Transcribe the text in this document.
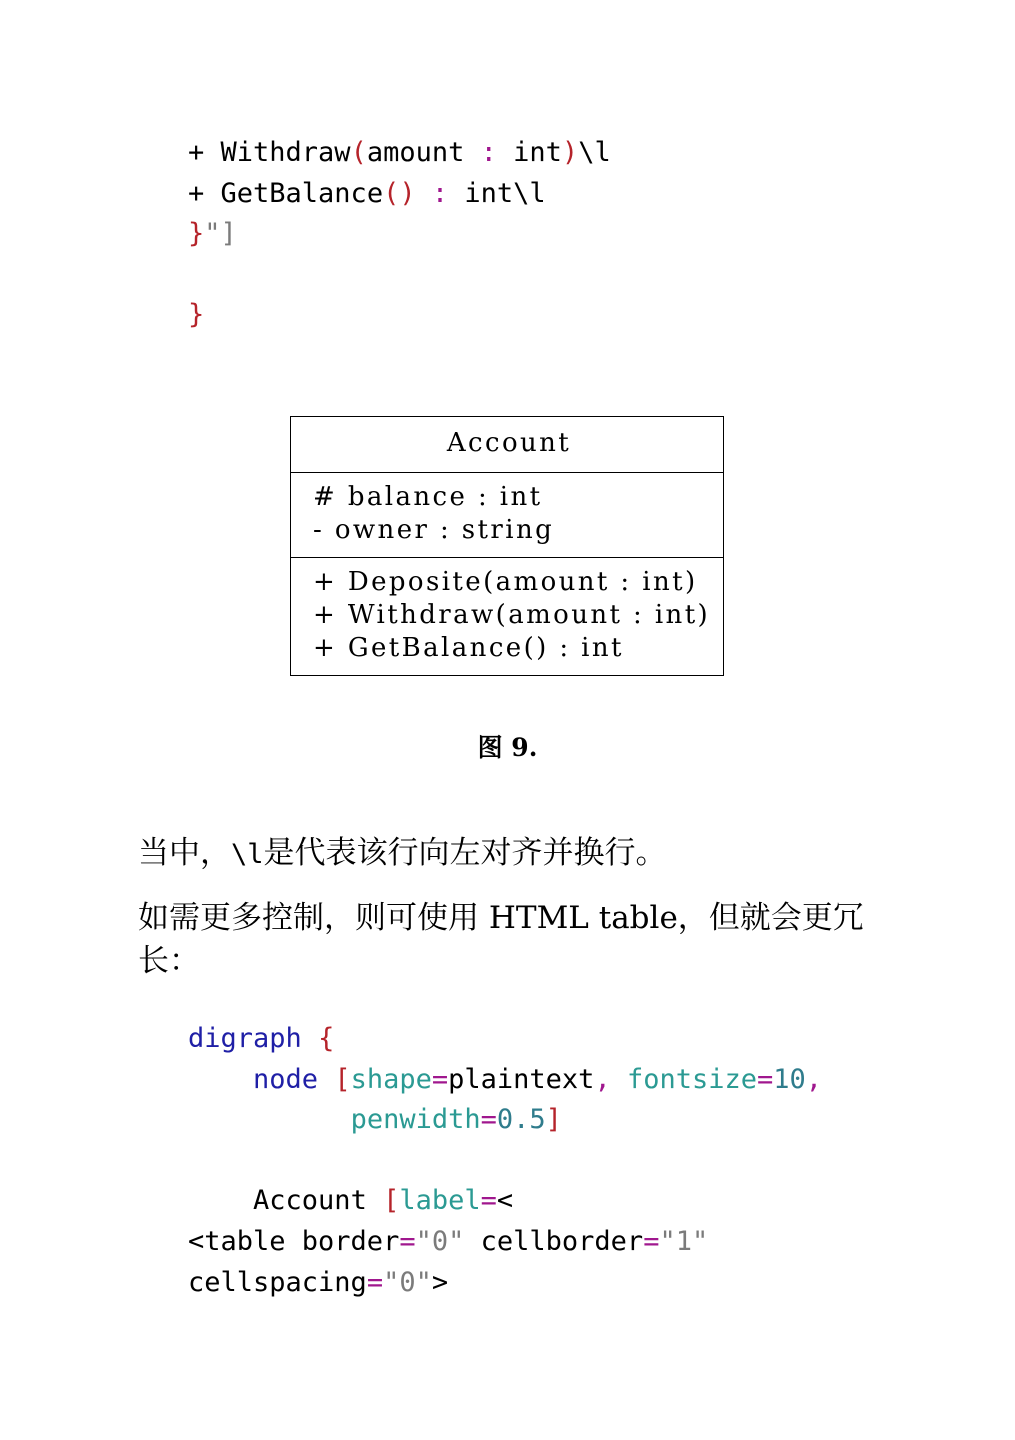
+ Withdraw(amount : int)\l
+ GetBalance() : int\l
}"]

}
Account
# balance : int
- owner : string
+ Deposite(amount : int)
+ Withdraw(amount : int)
+ GetBalance() : int
图 9.
当中，\l是代表该行向左对齐并换行。
如需更多控制，则可使用 HTML table，但就会更冗长：
digraph {
node [shape=plaintext, fontsize=10,
penwidth=0.5]

Account [label=<
<table border="0" cellborder="1"
cellspacing="0">
